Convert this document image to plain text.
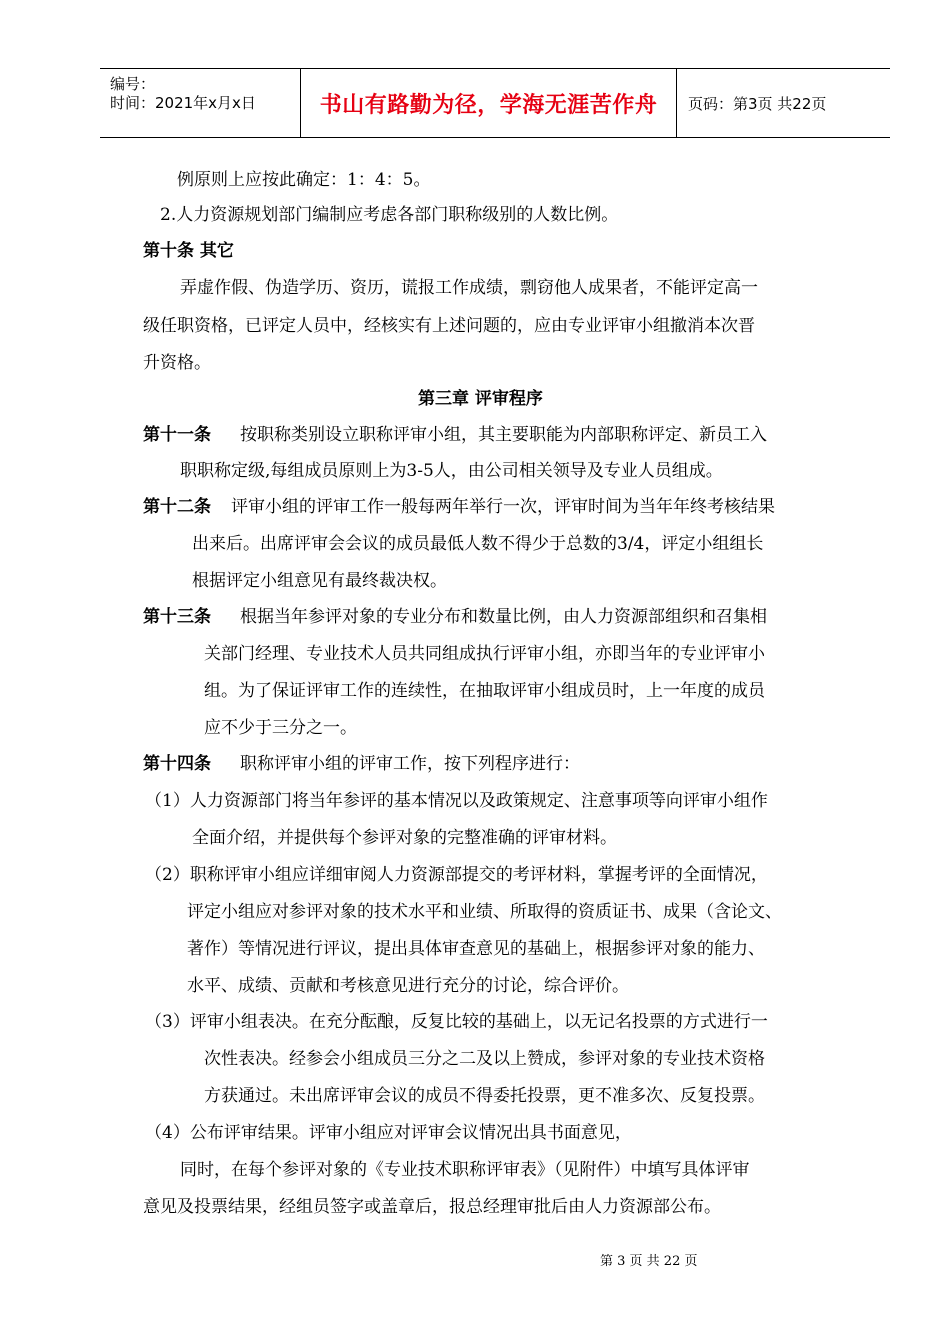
编号：
时间：2021年x月x日	书山有路勤为径，学海无涯苦作舟 页码：第3页 共22页
例原则上应按此确定：1：4：5。
2.人力资源规划部门编制应考虑各部门职称级别的人数比例。
第十条 其它
弄虚作假、伪造学历、资历，谎报工作成绩，剽窃他人成果者，不能评定高一
级任职资格，已评定人员中，经核实有上述问题的，应由专业评审小组撤消本次晋
升资格。
第三章 评审程序
第十一条 按职称类别设立职称评审小组，其主要职能为内部职称评定、新员工入
职职称定级,每组成员原则上为3-5人，由公司相关领导及专业人员组成。
第十二条 评审小组的评审工作一般每两年举行一次，评审时间为当年年终考核结果
出来后。出席评审会会议的成员最低人数不得少于总数的3/4，评定小组组长
根据评定小组意见有最终裁决权。
第十三条 根据当年参评对象的专业分布和数量比例，由人力资源部组织和召集相
关部门经理、专业技术人员共同组成执行评审小组，亦即当年的专业评审小
组。为了保证评审工作的连续性，在抽取评审小组成员时，上一年度的成员
应不少于三分之一。
第十四条 职称评审小组的评审工作，按下列程序进行：
（1）人力资源部门将当年参评的基本情况以及政策规定、注意事项等向评审小组作
全面介绍，并提供每个参评对象的完整准确的评审材料。
（2）职称评审小组应详细审阅人力资源部提交的考评材料，掌握考评的全面情况，
评定小组应对参评对象的技术水平和业绩、所取得的资质证书、成果（含论文、
著作）等情况进行评议，提出具体审查意见的基础上，根据参评对象的能力、
水平、成绩、贡献和考核意见进行充分的讨论，综合评价。
（3）评审小组表决。在充分酝酿，反复比较的基础上，以无记名投票的方式进行一
次性表决。经参会小组成员三分之二及以上赞成，参评对象的专业技术资格
方获通过。未出席评审会议的成员不得委托投票，更不准多次、反复投票。
（4）公布评审结果。评审小组应对评审会议情况出具书面意见，
同时，在每个参评对象的《专业技术职称评审表》（见附件）中填写具体评审
意见及投票结果，经组员签字或盖章后，报总经理审批后由人力资源部公布。
第 3 页 共 22 页
